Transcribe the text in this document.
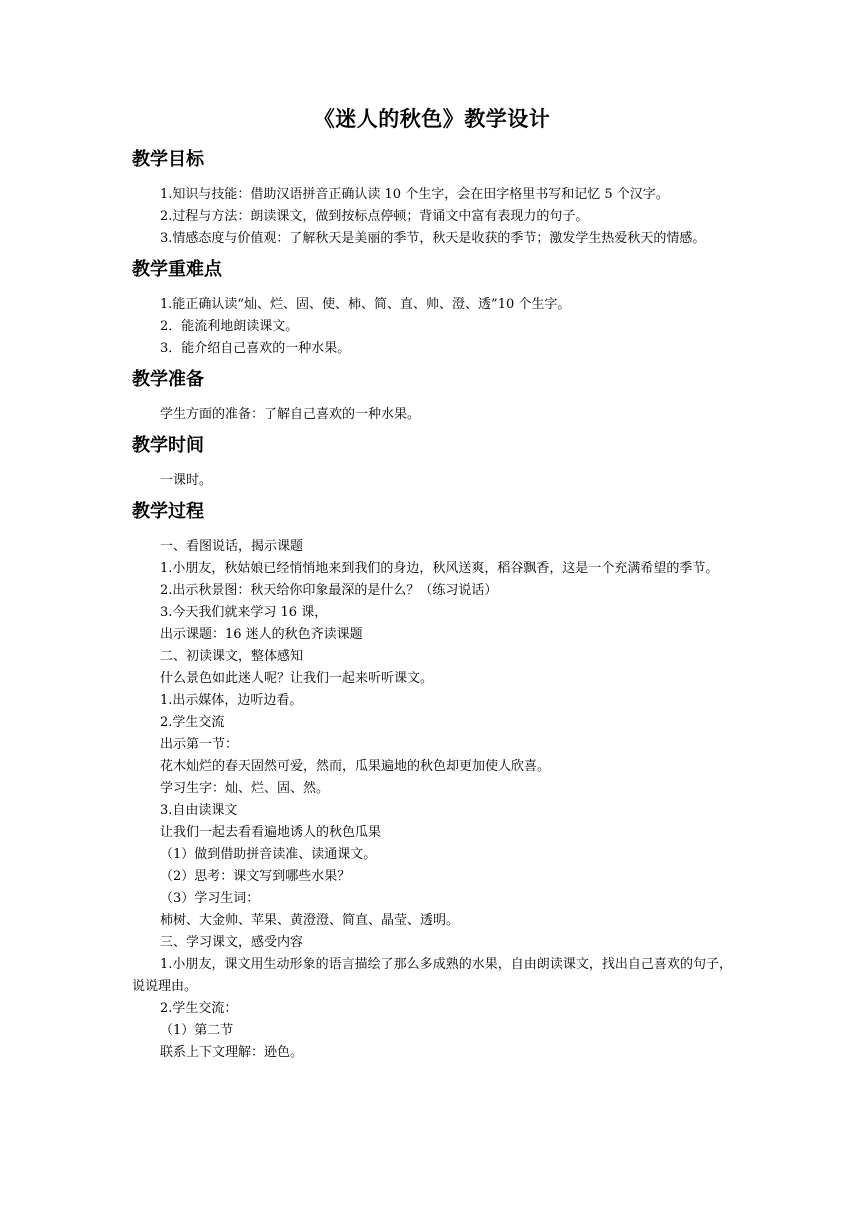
《迷人的秋色》教学设计
教学目标

1.知识与技能：借助汉语拼音正确认读 10 个生字，会在田字格里书写和记忆 5 个汉字。

2.过程与方法：朗读课文，做到按标点停顿；背诵文中富有表现力的句子。

3.情感态度与价值观：了解秋天是美丽的季节，秋天是收获的季节；激发学生热爱秋天的情感。

教学重难点

1.能正确认读“灿、烂、固、使、柿、简、直、帅、澄、透”10 个生字。

2．能流利地朗读课文。

3．能介绍自己喜欢的一种水果。

教学准备

学生方面的准备：了解自己喜欢的一种水果。

教学时间

一课时。

教学过程

一、看图说话，揭示课题

1.小朋友，秋姑娘已经悄悄地来到我们的身边，秋风送爽，稻谷飘香，这是一个充满希望的季节。

2.出示秋景图：秋天给你印象最深的是什么？（练习说话）

3.今天我们就来学习 16 课，

出示课题：16 迷人的秋色齐读课题

二、初读课文，整体感知

什么景色如此迷人呢？让我们一起来听听课文。

1.出示媒体，边听边看。

2.学生交流

出示第一节：

花木灿烂的春天固然可爱，然而，瓜果遍地的秋色却更加使人欣喜。

学习生字：灿、烂、固、然。

3.自由读课文

让我们一起去看看遍地诱人的秋色瓜果

（1）做到借助拼音读准、读通课文。

（2）思考：课文写到哪些水果？

（3）学习生词：

柿树、大金帅、苹果、黄澄澄、简直、晶莹、透明。

三、学习课文，感受内容

1.小朋友，课文用生动形象的语言描绘了那么多成熟的水果，自由朗读课文，找出自己喜欢的句子，说说理由。

2.学生交流：

（1）第二节

联系上下文理解：逊色。
